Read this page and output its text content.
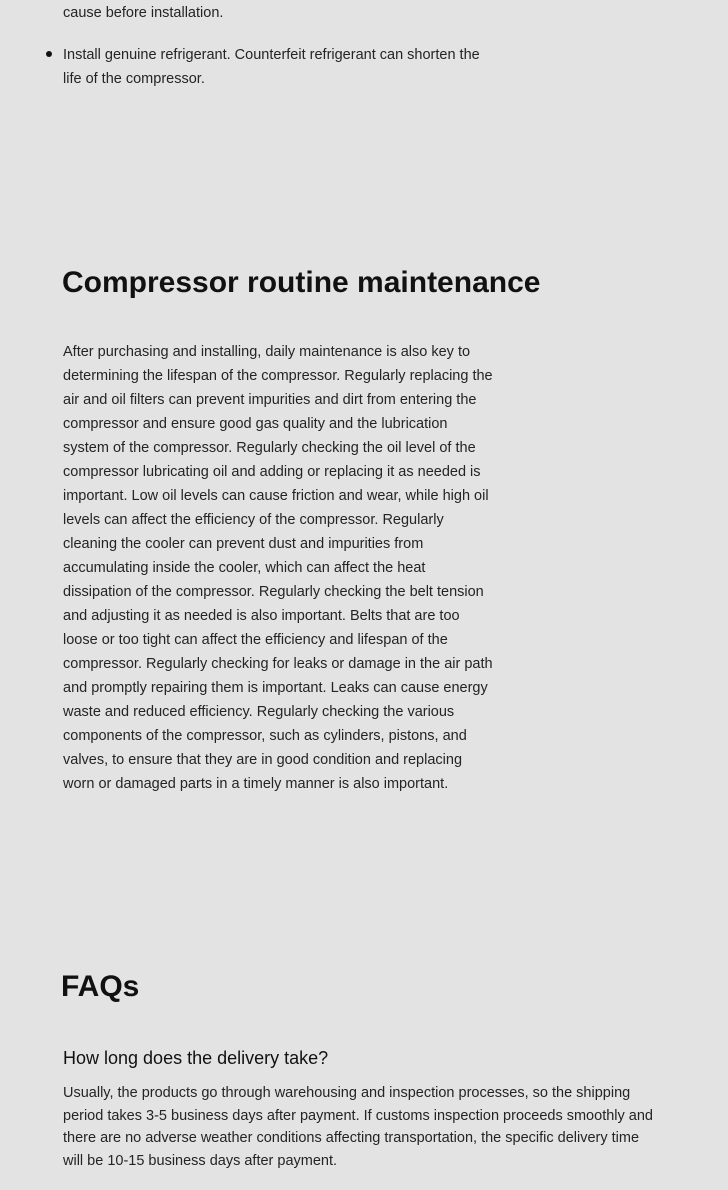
cause before installation.
Install genuine refrigerant. Counterfeit refrigerant can shorten the life of the compressor.
Compressor routine maintenance

After purchasing and installing, daily maintenance is also key to determining the lifespan of the compressor. Regularly replacing the air and oil filters can prevent impurities and dirt from entering the compressor and ensure good gas quality and the lubrication system of the compressor. Regularly checking the oil level of the compressor lubricating oil and adding or replacing it as needed is important. Low oil levels can cause friction and wear, while high oil levels can affect the efficiency of the compressor. Regularly cleaning the cooler can prevent dust and impurities from accumulating inside the cooler, which can affect the heat dissipation of the compressor. Regularly checking the belt tension and adjusting it as needed is also important. Belts that are too loose or too tight can affect the efficiency and lifespan of the compressor. Regularly checking for leaks or damage in the air path and promptly repairing them is important. Leaks can cause energy waste and reduced efficiency. Regularly checking the various components of the compressor, such as cylinders, pistons, and valves, to ensure that they are in good condition and replacing worn or damaged parts in a timely manner is also important.

FAQs
How long does the delivery take?

Usually, the products go through warehousing and inspection processes, so the shipping period takes 3-5 business days after payment. If customs inspection proceeds smoothly and there are no adverse weather conditions affecting transportation, the specific delivery time will be 10-15 business days after payment.
